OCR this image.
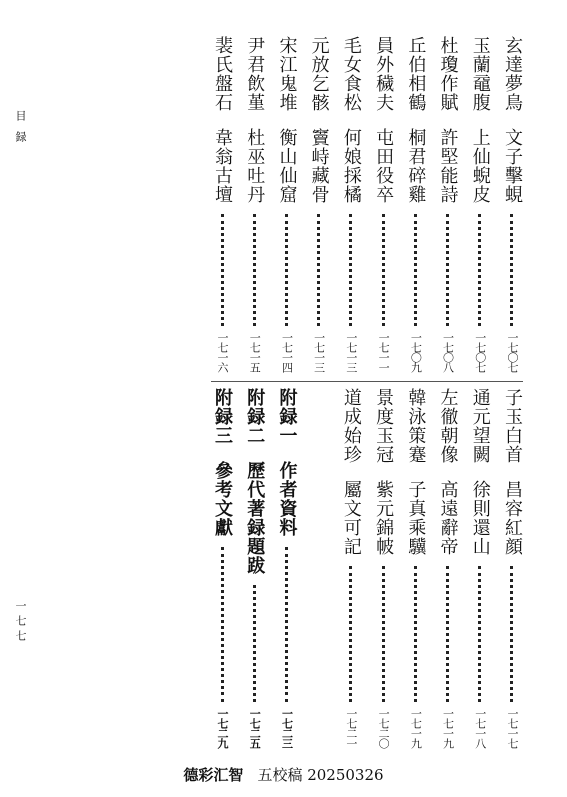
目録
一七七
玄達夢鳥
文子擊蜆
一七〇七
玉蘭黿腹
上仙蜺皮
一七〇七
杜瓊作賦
許堅能詩
一七〇八
丘伯相鶴
桐君碎雞
一七〇九
員外穢夫
屯田役卒
一七一一
毛女食松
何娘採橘
一七一三
元放乞骸
竇峙藏骨
一七一三
宋江鬼堆
衡山仙窟
一七一四
尹君飲堇
杜巫吐丹
一七一五
裴氏盤石
韋翁古壇
一七一六
子玉白首
昌容紅顔
一七一七
通元望闕
徐則還山
一七一八
左徹朝像
高遠辭帝
一七一九
韓泳策蹇
子真乘驥
一七一九
景度玉冠
紫元錦帔
一七二〇
道成始珍
屬文可記
一七二一
附録一
作者資料
一七二三
附録二
歷代著録題跋
一七二五
附録三
參考文獻
一七二九
德彩汇智 五校稿 20250326
